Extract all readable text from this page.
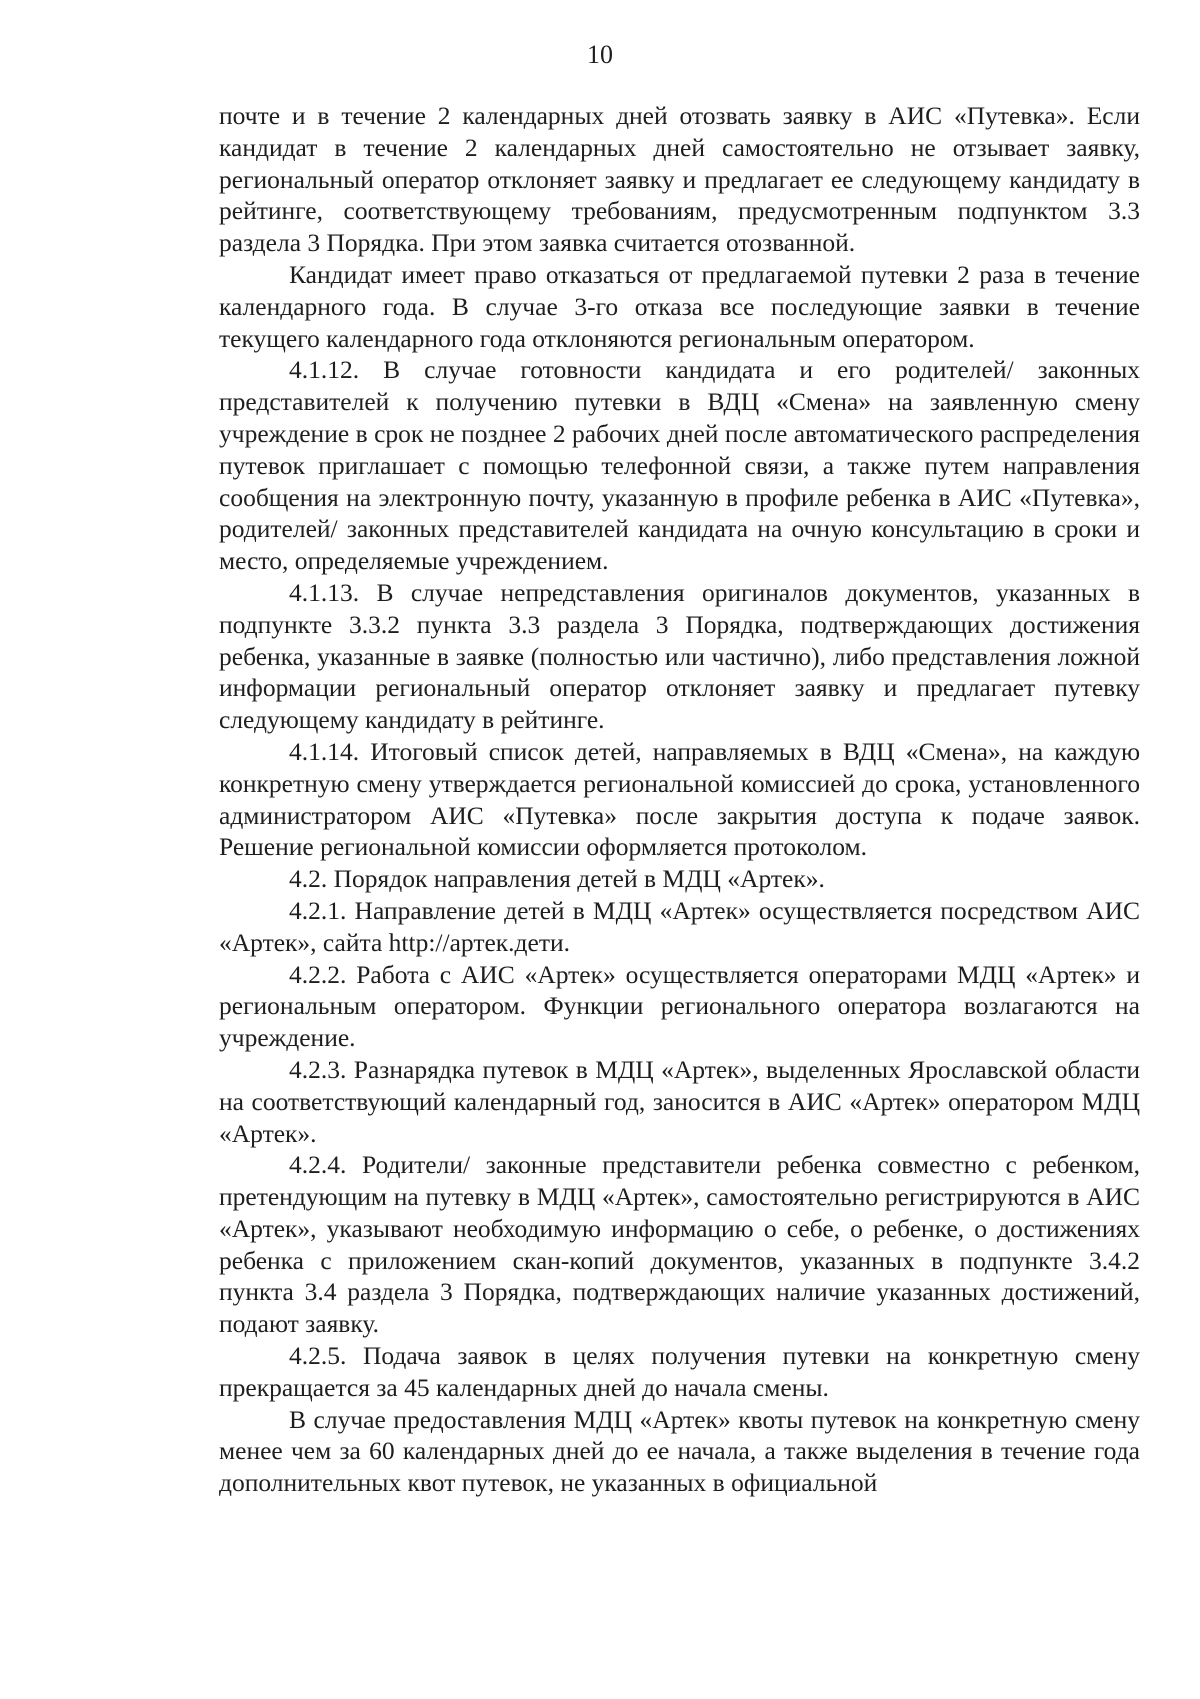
10

почте и в течение 2 календарных дней отозвать заявку в АИС «Путевка». Если кандидат в течение 2 календарных дней самостоятельно не отзывает заявку, региональный оператор отклоняет заявку и предлагает ее следующему кандидату в рейтинге, соответствующему требованиям, предусмотренным подпунктом 3.3 раздела 3 Порядка. При этом заявка считается отозванной.

Кандидат имеет право отказаться от предлагаемой путевки 2 раза в течение календарного года. В случае 3-го отказа все последующие заявки в течение текущего календарного года отклоняются региональным оператором.

4.1.12. В случае готовности кандидата и его родителей/ законных представителей к получению путевки в ВДЦ «Смена» на заявленную смену учреждение в срок не позднее 2 рабочих дней после автоматического распределения путевок приглашает с помощью телефонной связи, а также путем направления сообщения на электронную почту, указанную в профиле ребенка в АИС «Путевка», родителей/ законных представителей кандидата на очную консультацию в сроки и место, определяемые учреждением.

4.1.13. В случае непредставления оригиналов документов, указанных в подпункте 3.3.2 пункта 3.3 раздела 3 Порядка, подтверждающих достижения ребенка, указанные в заявке (полностью или частично), либо представления ложной информации региональный оператор отклоняет заявку и предлагает путевку следующему кандидату в рейтинге.

4.1.14. Итоговый список детей, направляемых в ВДЦ «Смена», на каждую конкретную смену утверждается региональной комиссией до срока, установленного администратором АИС «Путевка» после закрытия доступа к подаче заявок. Решение региональной комиссии оформляется протоколом.

4.2. Порядок направления детей в МДЦ «Артек».

4.2.1. Направление детей в МДЦ «Артек» осуществляется посредством АИС «Артек», сайта http://артек.дети.

4.2.2. Работа с АИС «Артек» осуществляется операторами МДЦ «Артек» и региональным оператором. Функции регионального оператора возлагаются на учреждение.

4.2.3. Разнарядка путевок в МДЦ «Артек», выделенных Ярославской области на соответствующий календарный год, заносится в АИС «Артек» оператором МДЦ «Артек».

4.2.4. Родители/ законные представители ребенка совместно с ребенком, претендующим на путевку в МДЦ «Артек», самостоятельно регистрируются в АИС «Артек», указывают необходимую информацию о себе, о ребенке, о достижениях ребенка с приложением скан-копий документов, указанных в подпункте 3.4.2 пункта 3.4 раздела 3 Порядка, подтверждающих наличие указанных достижений, подают заявку.

4.2.5. Подача заявок в целях получения путевки на конкретную смену прекращается за 45 календарных дней до начала смены.

В случае предоставления МДЦ «Артек» квоты путевок на конкретную смену менее чем за 60 календарных дней до ее начала, а также выделения в течение года дополнительных квот путевок, не указанных в официальной
